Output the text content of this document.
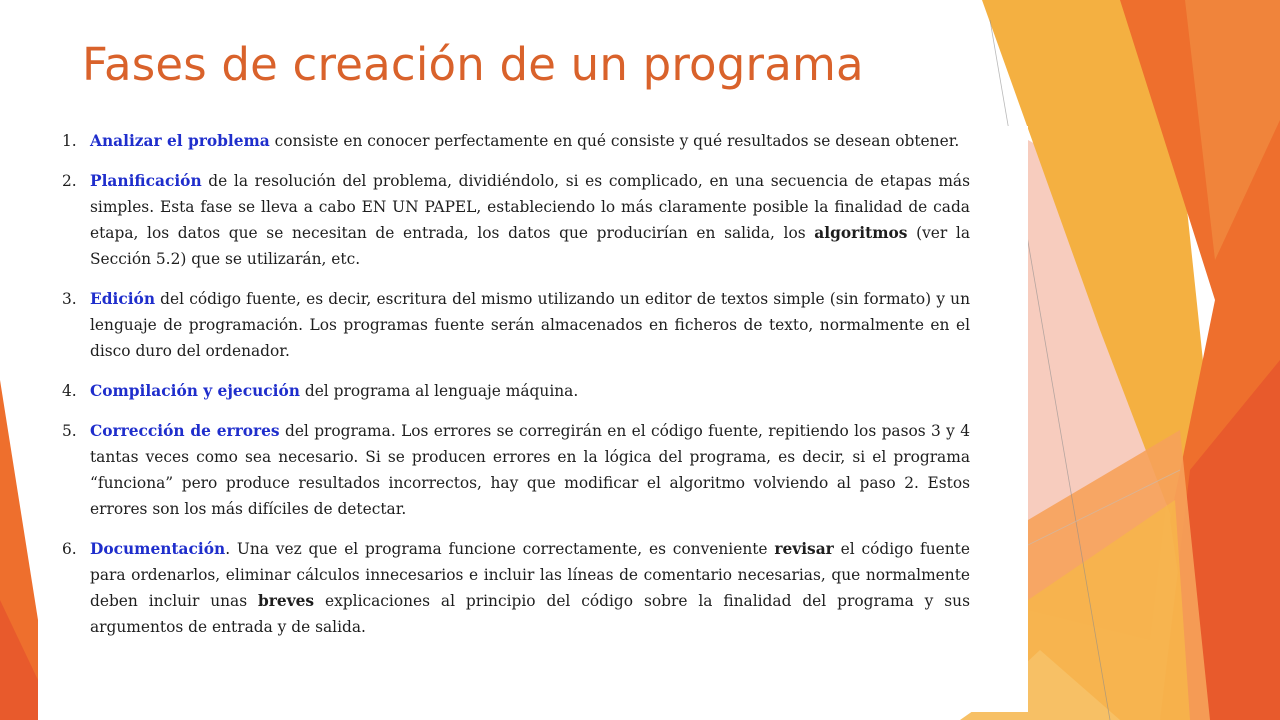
Fases de creación de un programa
1. Analizar el problema consiste en conocer perfectamente en qué consiste y qué resultados se desean obtener.
2. Planificación de la resolución del problema, dividiéndolo, si es complicado, en una secuencia de etapas más simples. Esta fase se lleva a cabo EN UN PAPEL, estableciendo lo más claramente posible la finalidad de cada etapa, los datos que se necesitan de entrada, los datos que producirían en salida, los algoritmos (ver la Sección 5.2) que se utilizarán, etc.
3. Edición del código fuente, es decir, escritura del mismo utilizando un editor de textos simple (sin formato) y un lenguaje de programación. Los programas fuente serán almacenados en ficheros de texto, normalmente en el disco duro del ordenador.
4. Compilación y ejecución del programa al lenguaje máquina.
5. Corrección de errores del programa. Los errores se corregirán en el código fuente, repitiendo los pasos 3 y 4 tantas veces como sea necesario. Si se producen errores en la lógica del programa, es decir, si el programa “funciona” pero produce resultados incorrectos, hay que modificar el algoritmo volviendo al paso 2. Estos errores son los más difíciles de detectar.
6. Documentación. Una vez que el programa funcione correctamente, es conveniente revisar el código fuente para ordenarlos, eliminar cálculos innecesarios e incluir las líneas de comentario necesarias, que normalmente deben incluir unas breves explicaciones al principio del código sobre la finalidad del programa y sus argumentos de entrada y de salida.
